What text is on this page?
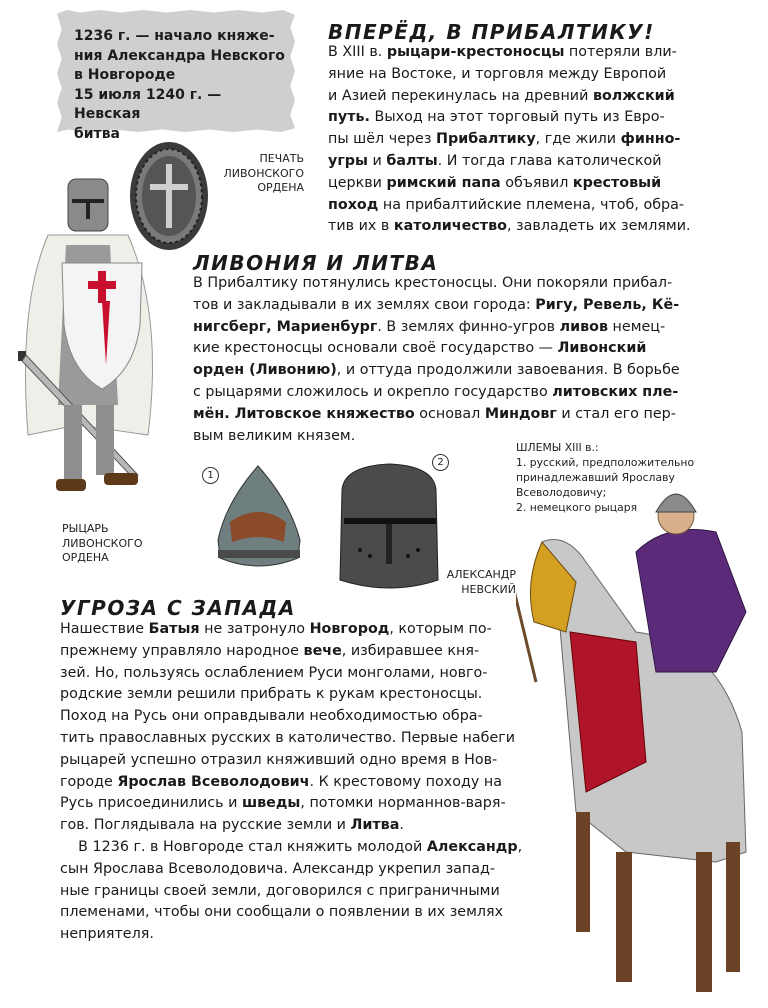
1236 г. — начало княже-
ния Александра Невского
в Новгороде
15 июля 1240 г. — Невская
битва
ПЕЧАТЬ
ЛИВОНСКОГО
ОРДЕНА
ВПЕРЁД, В ПРИБАЛТИКУ!
В XIII в. рыцари-крестоносцы потеряли вли-
яние на Востоке, и торговля между Европой
и Азией перекинулась на древний волжский
путь. Выход на этот торговый путь из Евро-
пы шёл через Прибалтику, где жили финно-
угры и балты. И тогда глава католической
церкви римский папа объявил крестовый
поход на прибалтийские племена, чтоб, обра-
тив их в католичество, завладеть их землями.
РЫЦАРЬ
ЛИВОНСКОГО
ОРДЕНА
ЛИВОНИЯ И ЛИТВА
В Прибалтику потянулись крестоносцы. Они покоряли прибал-
тов и закладывали в их землях свои города: Ригу, Ревель, Кё-
нигсберг, Мариенбург. В землях финно-угров ливов немец-
кие крестоносцы основали своё государство — Ливонский
орден (Ливонию), и оттуда продолжили завоевания. В борьбе
с рыцарями сложилось и окрепло государство литовских пле-
мён. Литовское княжество основал Миндовг и стал его пер-
вым великим князем.
1
2
ШЛЕМЫ XIII в.:
1. русский, предположительно
принадлежавший Ярославу
Всеволодовичу;
2. немецкого рыцаря
АЛЕКСАНДР
НЕВСКИЙ
УГРОЗА С ЗАПАДА
Нашествие Батыя не затронуло Новгород, которым по-
прежнему управляло народное вече, избиравшее кня-
зей. Но, пользуясь ослаблением Руси монголами, новго-
родские земли решили прибрать к рукам крестоносцы.
Поход на Русь они оправдывали необходимостью обра-
тить православных русских в католичество. Первые набеги
рыцарей успешно отразил княживший одно время в Нов-
городе Ярослав Всеволодович. К крестовому походу на
Русь присоединились и шведы, потомки норманнов-варя-
гов. Поглядывала на русские земли и Литва.
В 1236 г. в Новгороде стал княжить молодой Александр,
сын Ярослава Всеволодовича. Александр укрепил запад-
ные границы своей земли, договорился с приграничными
племенами, чтобы они сообщали о появлении в их землях
неприятеля.
